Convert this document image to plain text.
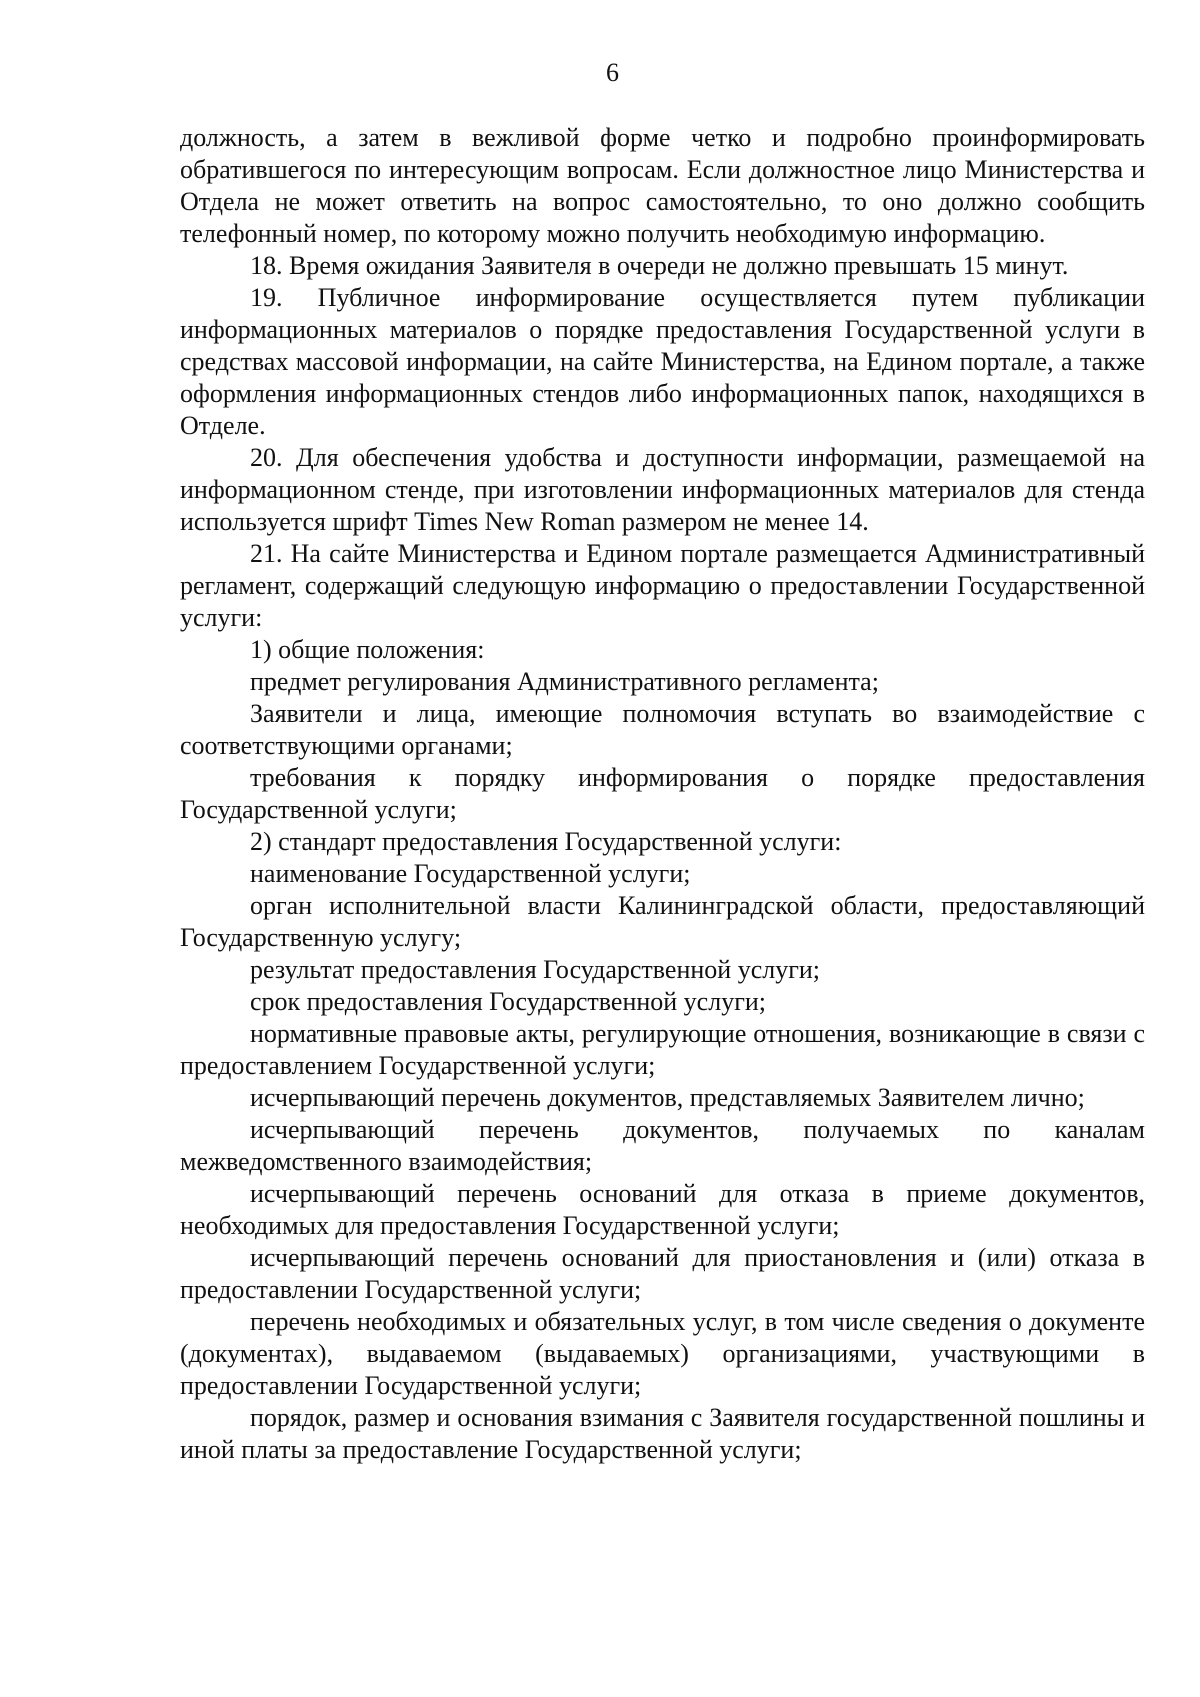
6

должность, а затем в вежливой форме четко и подробно проинформировать обратившегося по интересующим вопросам. Если должностное лицо Министерства и Отдела не может ответить на вопрос самостоятельно, то оно должно сообщить телефонный номер, по которому можно получить необходимую информацию.

18. Время ожидания Заявителя в очереди не должно превышать 15 минут.

19. Публичное информирование осуществляется путем публикации информационных материалов о порядке предоставления Государственной услуги в средствах массовой информации, на сайте Министерства, на Едином портале, а также оформления информационных стендов либо информационных папок, находящихся в Отделе.

20. Для обеспечения удобства и доступности информации, размещаемой на информационном стенде, при изготовлении информационных материалов для стенда используется шрифт Times New Roman размером не менее 14.

21. На сайте Министерства и Едином портале размещается Административный регламент, содержащий следующую информацию о предоставлении Государственной услуги:

1) общие положения:

предмет регулирования Административного регламента;

Заявители и лица, имеющие полномочия вступать во взаимодействие с соответствующими органами;

требования к порядку информирования о порядке предоставления Государственной услуги;

2) стандарт предоставления Государственной услуги:

наименование Государственной услуги;

орган исполнительной власти Калининградской области, предоставляющий Государственную услугу;

результат предоставления Государственной услуги;

срок предоставления Государственной услуги;

нормативные правовые акты, регулирующие отношения, возникающие в связи с предоставлением Государственной услуги;

исчерпывающий перечень документов, представляемых Заявителем лично;

исчерпывающий перечень документов, получаемых по каналам межведомственного взаимодействия;

исчерпывающий перечень оснований для отказа в приеме документов, необходимых для предоставления Государственной услуги;

исчерпывающий перечень оснований для приостановления и (или) отказа в предоставлении Государственной услуги;

перечень необходимых и обязательных услуг, в том числе сведения о документе (документах), выдаваемом (выдаваемых) организациями, участвующими в предоставлении Государственной услуги;

порядок, размер и основания взимания с Заявителя государственной пошлины и иной платы за предоставление Государственной услуги;
